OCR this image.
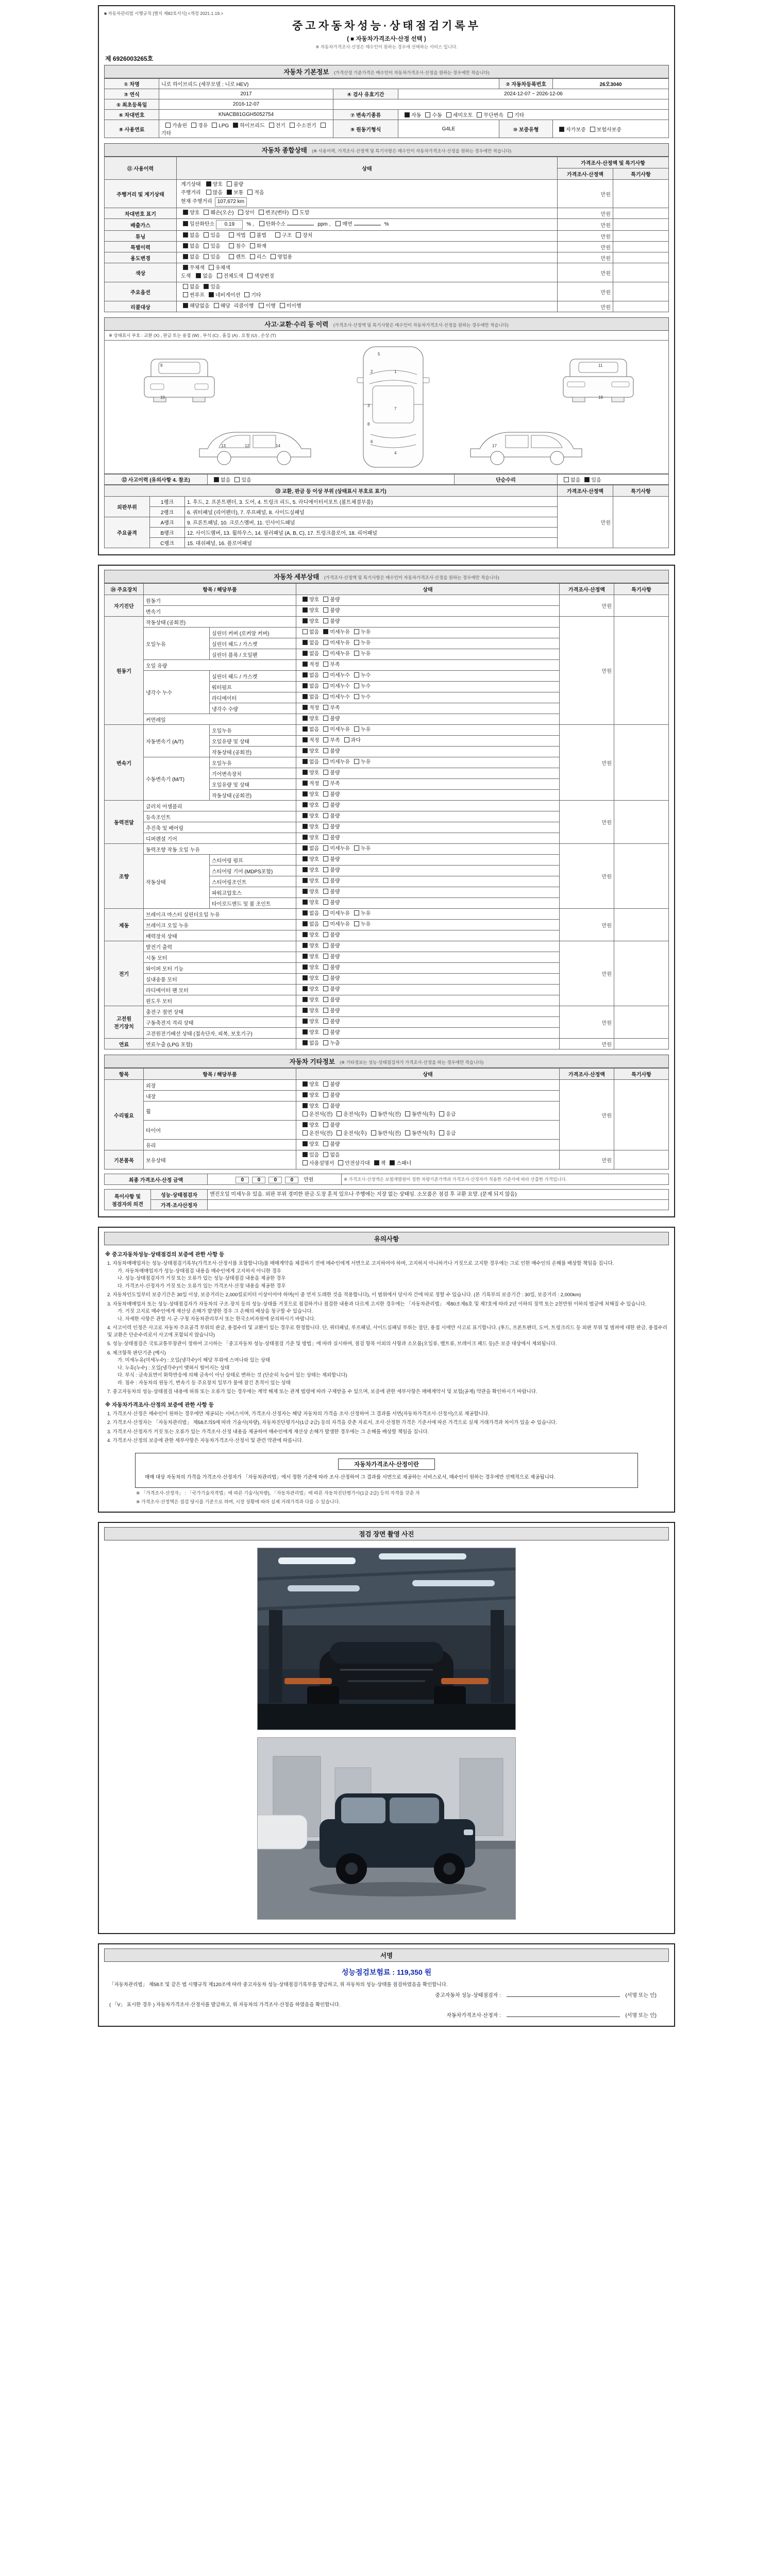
■ 자동차관리법 시행규칙 [별지 제82호서식] <개정 2021.1.19.>
중고자동차성능·상태점검기록부
( ■ 자동차가격조사·산정 선택 )
※ 자동차가격조사·산정은 매수인이 원하는 경우에 선택하는 서비스 입니다.
제 6926003265호
자동차 기본정보 (가격산정 기준가격은 매수인이 자동차가격조사·산정을 원하는 경우에만 적습니다)
① 차명	니로 하이브리드 (세부모델 : 니로 HEV)			② 자동차등록번호	26오3040
③ 연식	2017	④ 검사 유효기간	2024-12-07 ~ 2026-12-06		
⑤ 최초등록일	2016-12-07				
⑥ 차대번호	KNACB81GGH5052754	⑦ 변속기종류	자동 수동 세미오토 무단변속 기타		
⑧ 사용연료	가솔린 경유 LPG 하이브리드 전기 수소전기기타	⑨ 원동기형식	G4LE	⑩ 보증유형	자가보증 보험사보증
자동차 종합상태 (※ 사용이력, 가격조사·산정액 및 특기사항은 매수인이 자동차가격조사·산정을 원하는 경우에만 적습니다)
⑪ 사용이력	상태	가격조사·산정액 및 특기사항	
		가격조사·산정액	특기사항
주행거리 및 계기상태	계기상태 양호 불량
주행거리 많음 보통 적음
현재 주행거리 107,672 km	만원	
차대번호 표기	양호 훼손(오손) 상이 변조(변타) 도말	만원	
배출가스	일산화탄소 0.19 % , 탄화수소 ppm , 매연 %	만원	
튜닝	없음 있음 적법 불법 구조 장치	만원	
특별이력	없음 있음 침수 화재	만원	
용도변경	없음 있음 렌트 리스 영업용	만원	
색상	무채색 유채색
도색 없음 전체도색 색상변경	만원	
주요옵션	없음 있음
썬루프 네비게이션 기타	만원	
리콜대상	해당없음 해당 리콜이행 이행 미이행	만원	
사고·교환·수리 등 이력 (가격조사·산정액 및 특기사항은 매수인이 자동차가격조사·산정을 원하는 경우에만 적습니다)
※ 상태표시 부호 : 교환 (X) , 판금 또는 용접 (W) , 부식 (C) , 흠집 (A) , 요철 (U) , 손상 (T)
1
2
3
4
5
6
7
8
9
10
11
12
13	14	17
18
⑫ 사고이력 (유의사항 4. 참조)	없음 있음	단순수리	없음 있음
⑬ 교환, 판금 등 이상 부위 (상태표시 부호로 표기)			가격조사·산정액	특기사항
외판부위	1랭크	1. 후드, 2. 프론트펜더, 3. 도어, 4. 트렁크 리드, 5. 라디에이터서포트 (볼트체결부품)	만원	
	2랭크	6. 쿼터패널 (리어펜더), 7. 루프패널, 8. 사이드실패널		
주요골격	A랭크	9. 프론트패널, 10. 크로스멤버, 11. 인사이드패널		
	B랭크	12. 사이드멤버, 13. 휠하우스, 14. 필러패널 (A, B, C), 17. 트렁크플로어, 18. 리어패널		
	C랭크	15. 대쉬패널, 16. 플로어패널		
자동차 세부상태 (가격조사·산정액 및 특기사항은 매수인이 자동차가격조사·산정을 원하는 경우에만 적습니다)
⑭ 주요장치	항목 / 해당부품		상태	가격조사·산정액	특기사항
자기진단	원동기		양호 불량	만원	
	변속기		양호 불량		

원동기	작동상태 (공회전)		양호 불량	만원	
	오일누유	실린더 커버 (로커암 커버)	없음 미세누유 누유		

		실린더 헤드 / 가스켓	없음 미세누유 누유		

		실린더 블록 / 오일팬	없음 미세누유 누유		

	오일 유량		적정 부족		

	냉각수 누수	실린더 헤드 / 가스켓	없음 미세누수 누수		

		워터펌프	없음 미세누수 누수		

		라디에이터	없음 미세누수 누수		

		냉각수 수량	적정 부족		

	커먼레일		양호 불량		

변속기	자동변속기 (A/T)	오일누유	없음 미세누유 누유	만원	
		오일유량 및 상태	적정 부족 과다		

		작동상태 (공회전)	양호 불량		

	수동변속기 (M/T)	오일누유	없음 미세누유 누유		

		기어변속장치	양호 불량		

		오일유량 및 상태	적정 부족		

		작동상태 (공회전)	양호 불량		

동력전달	클러치 어셈블리		양호 불량	만원	
	등속조인트		양호 불량		

	추진축 및 베어링		양호 불량		

	디퍼렌셜 기어		양호 불량		

조향	동력조향 작동 오일 누유		없음 미세누유 누유	만원	
	작동상태	스티어링 펌프	양호 불량		

		스티어링 기어 (MDPS포함)	양호 불량		

		스티어링조인트	양호 불량		

		파워고압호스	양호 불량		

		타이로드엔드 및 볼 조인트	양호 불량		

제동	브레이크 마스터 실린더오일 누유		없음 미세누유 누유	만원	
	브레이크 오일 누유		없음 미세누유 누유		

	배력장치 상태		양호 불량		

전기	발전기 출력		양호 불량	만원	
	시동 모터		양호 불량		

	와이퍼 모터 기능		양호 불량		

	실내송풍 모터		양호 불량		

	라디에이터 팬 모터		양호 불량		

	윈도우 모터		양호 불량		

고전원 전기장치	충전구 절연 상태		양호 불량	만원	
	구동축전지 격리 상태		양호 불량		

	고전원전기배선 상태 (접속단자, 피복, 보호기구)		양호 불량		

연료	연료누출 (LPG 포함)		없음 누출	만원	
자동차 기타정보 (※ 기타정보는 성능·상태점검자가 가격조사·산정을 하는 경우에만 적습니다)
항목	항목 / 해당부품	상태	가격조사·산정액	특기사항
수리필요	외장	양호 불량	만원	
	내장	양호 불량		

	휠	양호 불량
운전석(전) 운전석(후) 동반석(전) 동반석(후) 응급		

	타이어	양호 불량
운전석(전) 운전석(후) 동반석(전) 동반석(후) 응급		

	유리	양호 불량		

기본품목	보유상태	있음 없음
사용설명서 안전삼각대 잭 스패너	만원	
최종 가격조사·산정 금액	0	0	0	0 만원	※ 가격조사·산정액은 보험개발원이 정한 차량기준가액과 가격조사·산정자가 적용한 기준서에 따라 산출한 가격입니다.
특이사항 및
점검자의 의견	성능·상태점검자	엔진오일 미세누유 있음. 외판 부위 경미한 판금·도장 흔적 있으나 주행에는 지장 없는 상태임. 소모품은 점검 후 교환 요망. (문제 되지 않음)
	가격·조사산정자	
유의사항
※ 중고자동차성능·상태점검의 보증에 관한 사항 등
1. 자동차매매업자는 성능·상태점검기록부(가격조사·산정서를 포함합니다)를 매매계약을 체결하기 전에 매수인에게 서면으로 고지하여야 하며, 고지하지 아니하거나 거짓으로 고지한 경우에는 그로 인한 매수인의 손해를 배상할 책임을 집니다.
가. 자동차매매업자가 성능·상태점검 내용을 매수인에게 고지하지 아니한 경우
나. 성능·상태점검자가 거짓 또는 오류가 있는 성능·상태점검 내용을 제공한 경우
다. 가격조사·산정자가 거짓 또는 오류가 있는 가격조사·산정 내용을 제공한 경우
2. 자동차인도일부터 보증기간은 30일 이상, 보증거리는 2,000킬로미터 이상이어야 하며(이 중 먼저 도래한 것을 적용합니다), 이 범위에서 당사자 간에 따로 정할 수 있습니다. (본 기록부의 보증기간 : 30일, 보증거리 : 2,000km)
3. 자동차매매업자 또는 성능·상태점검자가 자동차의 구조·장치 등의 성능·상태를 거짓으로 점검하거나 점검한 내용과 다르게 고지한 경우에는 「자동차관리법」 제80조제6호 및 제7호에 따라 2년 이하의 징역 또는 2천만원 이하의 벌금에 처해질 수 있습니다.
가. 거짓 고지로 매수인에게 재산상 손해가 발생한 경우 그 손해의 배상을 청구할 수 있습니다.
나. 자세한 사항은 관할 시·군·구청 자동차관리부서 또는 한국소비자원에 문의하시기 바랍니다.
4. 사고이력 인정은 사고로 자동차 주요골격 부위의 판금, 용접수리 및 교환이 있는 경우로 한정합니다. 단, 쿼터패널, 루프패널, 사이드실패널 부위는 절단, 용접 시에만 사고로 표기합니다. (후드, 프론트펜더, 도어, 트렁크리드 등 외판 부위 및 범퍼에 대한 판금, 용접수리 및 교환은 단순수리로서 사고에 포함되지 않습니다)
5. 성능·상태점검은 국토교통부장관이 정하여 고시하는 「중고자동차 성능·상태점검 기준 및 방법」에 따라 실시하며, 점검 항목 이외의 사항과 소모품(오일류, 벨트류, 브레이크 패드 등)은 보증 대상에서 제외됩니다.
6. 체크항목 판단기준 (예시)
가. 미세누유(미세누수) : 오일(냉각수)이 해당 부위에 스며나와 있는 상태
나. 누유(누수) : 오일(냉각수)이 맺혀서 떨어지는 상태
다. 부식 : 금속표면이 화학반응에 의해 금속이 아닌 상태로 변하는 것 (단순히 녹슬어 있는 상태는 제외합니다)
라. 침수 : 자동차의 원동기, 변속기 등 주요장치 일부가 물에 잠긴 흔적이 있는 상태
7. 중고자동차의 성능·상태점검 내용에 허위 또는 오류가 있는 경우에는 계약 해제 또는 관계 법령에 따라 구제받을 수 있으며, 보증에 관한 세부사항은 매매계약서 및 보험(공제) 약관을 확인하시기 바랍니다.
※ 자동차가격조사·산정의 보증에 관한 사항 등
1. 가격조사·산정은 매수인이 원하는 경우에만 제공되는 서비스이며, 가격조사·산정자는 해당 자동차의 가격을 조사·산정하여 그 결과를 서면(자동차가격조사·산정서)으로 제공합니다.
2. 가격조사·산정자는 「자동차관리법」 제58조의5에 따라 기술사(차량), 자동차진단평가사(1급·2급) 등의 자격을 갖춘 자로서, 조사·산정한 가격은 기준서에 따른 가격으로 실제 거래가격과 차이가 있을 수 있습니다.
3. 가격조사·산정자가 거짓 또는 오류가 있는 가격조사·산정 내용을 제공하여 매수인에게 재산상 손해가 발생한 경우에는 그 손해를 배상할 책임을 집니다.
4. 가격조사·산정의 보증에 관한 세부사항은 자동차가격조사·산정서 및 관련 약관에 따릅니다.
자동차가격조사·산정이란
매매 대상 자동차의 가격을 가격조사·산정자가 「자동차관리법」에서 정한 기준에 따라 조사·산정하여 그 결과를 서면으로 제공하는 서비스로서, 매수인이 원하는 경우에만 선택적으로 제공됩니다.
※ 「가격조사·산정자」 : 「국가기술자격법」에 따른 기술사(차량), 「자동차관리법」에 따른 자동차진단평가사(1급·2급) 등의 자격을 갖춘 자
※ 가격조사·산정액은 점검 당시를 기준으로 하며, 시장 상황에 따라 실제 거래가격과 다를 수 있습니다.
점검 장면 촬영 사진
서명
성능점검보험료 : 119,350 원
「자동차관리법」 제58조 및 같은 법 시행규칙 제120조에 따라 중고자동차 성능·상태점검기록부를 발급하고, 위 자동차의 성능·상태를 점검하였음을 확인합니다.
중고자동차 성능·상태점검자 :	(서명 또는 인)
( 「V」 표시한 경우 ) 자동차가격조사·산정서를 발급하고, 위 자동차의 가격조사·산정을 하였음을 확인합니다.
자동차가격조사·산정자 :	(서명 또는 인)
